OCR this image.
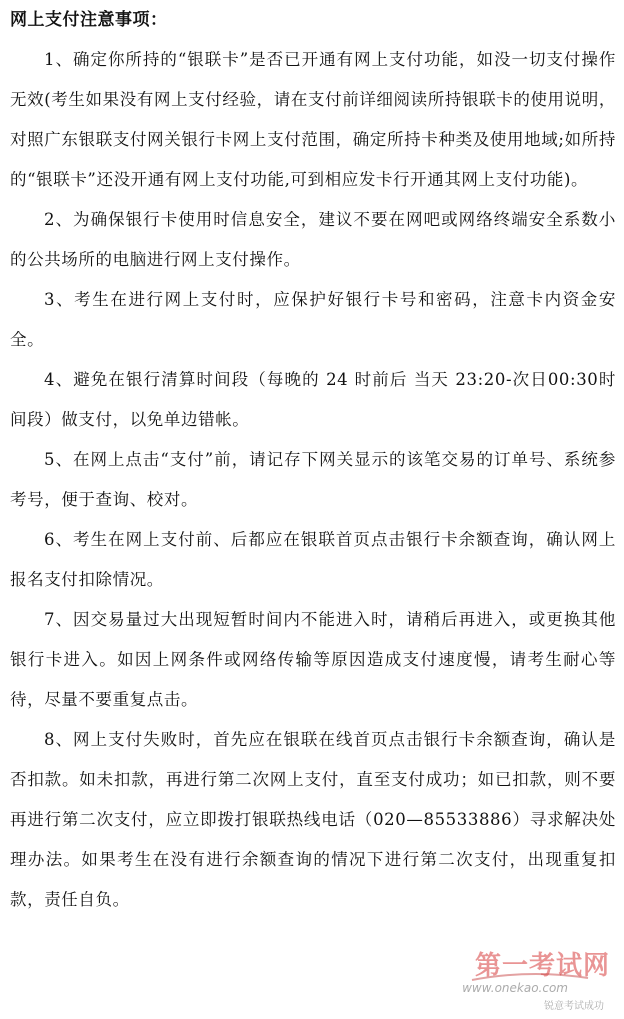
网上支付注意事项：

1、确定你所持的“银联卡”是否已开通有网上支付功能，如没一切支付操作无效(考生如果没有网上支付经验，请在支付前详细阅读所持银联卡的使用说明，对照广东银联支付网关银行卡网上支付范围，确定所持卡种类及使用地域;如所持的“银联卡”还没开通有网上支付功能,可到相应发卡行开通其网上支付功能)。

2、为确保银行卡使用时信息安全，建议不要在网吧或网络终端安全系数小的公共场所的电脑进行网上支付操作。

3、考生在进行网上支付时，应保护好银行卡号和密码，注意卡内资金安全。

4、避免在银行清算时间段（每晚的 24 时前后 当天 23:20-次日00:30时间段）做支付，以免单边错帐。

5、在网上点击“支付”前，请记存下网关显示的该笔交易的订单号、系统参考号，便于查询、校对。

6、考生在网上支付前、后都应在银联首页点击银行卡余额查询，确认网上报名支付扣除情况。

7、因交易量过大出现短暂时间内不能进入时，请稍后再进入，或更换其他银行卡进入。如因上网条件或网络传输等原因造成支付速度慢，请考生耐心等待，尽量不要重复点击。

8、网上支付失败时，首先应在银联在线首页点击银行卡余额查询，确认是否扣款。如未扣款，再进行第二次网上支付，直至支付成功；如已扣款，则不要再进行第二次支付，应立即拨打银联热线电话（020—85533886）寻求解决处理办法。如果考生在没有进行余额查询的情况下进行第二次支付，出现重复扣款，责任自负。

第一考试网
www.onekao.com
锐意考试成功
